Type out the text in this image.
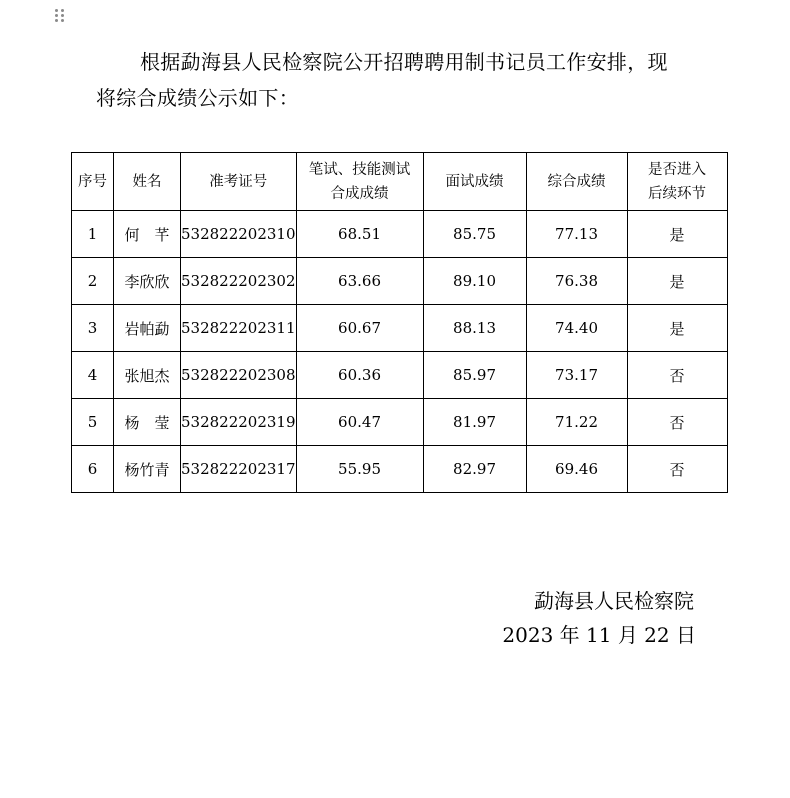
根据勐海县人民检察院公开招聘聘用制书记员工作安排，现
将综合成绩公示如下：
序号	姓名	准考证号	笔试、技能测试
合成成绩	面试成绩	综合成绩	是否进入
后续环节
1	何　芊	532822202310	68.51	85.75	77.13	是
2	李欣欣	532822202302	63.66	89.10	76.38	是
3	岩帕勐	532822202311	60.67	88.13	74.40	是
4	张旭杰	532822202308	60.36	85.97	73.17	否
5	杨　莹	532822202319	60.47	81.97	71.22	否
6	杨竹青	532822202317	55.95	82.97	69.46	否
勐海县人民检察院
2023 年 11 月 22 日
